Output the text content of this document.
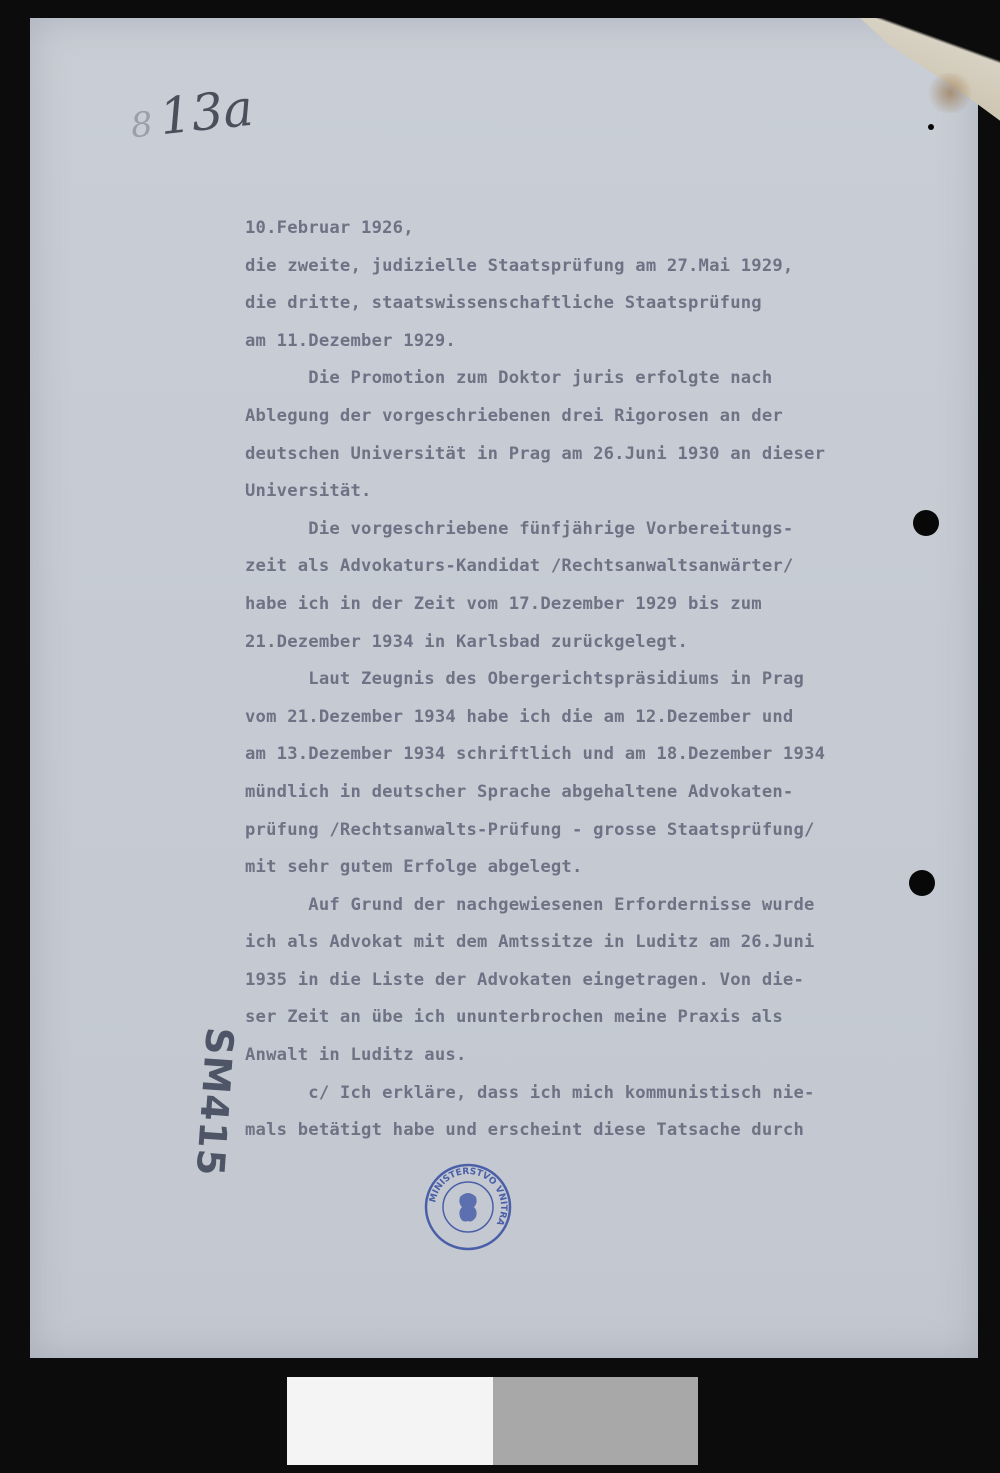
813a
10.Februar 1926,
die zweite, judizielle Staatsprüfung am 27.Mai 1929,
die dritte, staatswissenschaftliche Staatsprüfung
am 11.Dezember 1929.
Die Promotion zum Doktor juris erfolgte nach
Ablegung der vorgeschriebenen drei Rigorosen an der
deutschen Universität in Prag am 26.Juni 1930 an dieser
Universität.
Die vorgeschriebene fünfjährige Vorbereitungs-
zeit als Advokaturs-Kandidat /Rechtsanwaltsanwärter/
habe ich in der Zeit vom 17.Dezember 1929 bis zum
21.Dezember 1934 in Karlsbad zurückgelegt.
Laut Zeugnis des Obergerichtspräsidiums in Prag
vom 21.Dezember 1934 habe ich die am 12.Dezember und
am 13.Dezember 1934 schriftlich und am 18.Dezember 1934
mündlich in deutscher Sprache abgehaltene Advokaten-
prüfung /Rechtsanwalts-Prüfung - grosse Staatsprüfung/
mit sehr gutem Erfolge abgelegt.
Auf Grund der nachgewiesenen Erfordernisse wurde
ich als Advokat mit dem Amtssitze in Luditz am 26.Juni
1935 in die Liste der Advokaten eingetragen. Von die-
ser Zeit an übe ich ununterbrochen meine Praxis als
Anwalt in Luditz aus.
c/ Ich erkläre, dass ich mich kommunistisch nie-
mals betätigt habe und erscheint diese Tatsache durch
SM415
MINISTERSTVO VNITRA
